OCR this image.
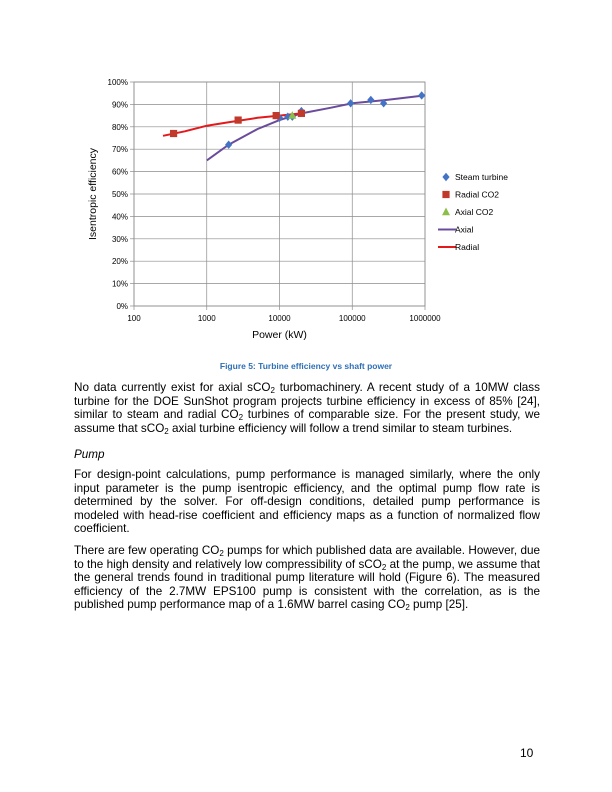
0%
10%
20%
30%
40%
50%
60%
70%
80%
90%
100%
100	1000	10000	100000	1000000
Power (kW)
Isentropic efficiency	Steam turbine
Radial CO2
Axial CO2
Axial
Radial
Figure 5: Turbine efficiency vs shaft power

No data currently exist for axial sCO$_2$ turbomachinery. A recent study of a 10MW class turbine for the DOE SunShot program projects turbine efficiency in excess of 85% [24], similar to steam and radial $CO_2$ turbines of comparable size. For the present study, we assume that sCO$_2$ axial turbine efficiency will follow a trend similar to steam turbines.

Pump

For design-point calculations, pump performance is managed similarly, where the only input parameter is the pump isentropic efficiency, and the optimal pump flow rate is determined by the solver. For off-design conditions, detailed pump performance is modeled with head-rise coefficient and efficiency maps as a function of normalized flow coefficient.

There are few operating $CO_2$ pumps for which published data are available. However, due to the high density and relatively low compressibility of sCO$_2$ at the pump, we assume that the general trends found in traditional pump literature will hold (Figure 6). The measured efficiency of the 2.7MW EPS100 pump is consistent with the correlation, as is the published pump performance map of a 1.6MW barrel casing $CO_2$ pump [25].

10
